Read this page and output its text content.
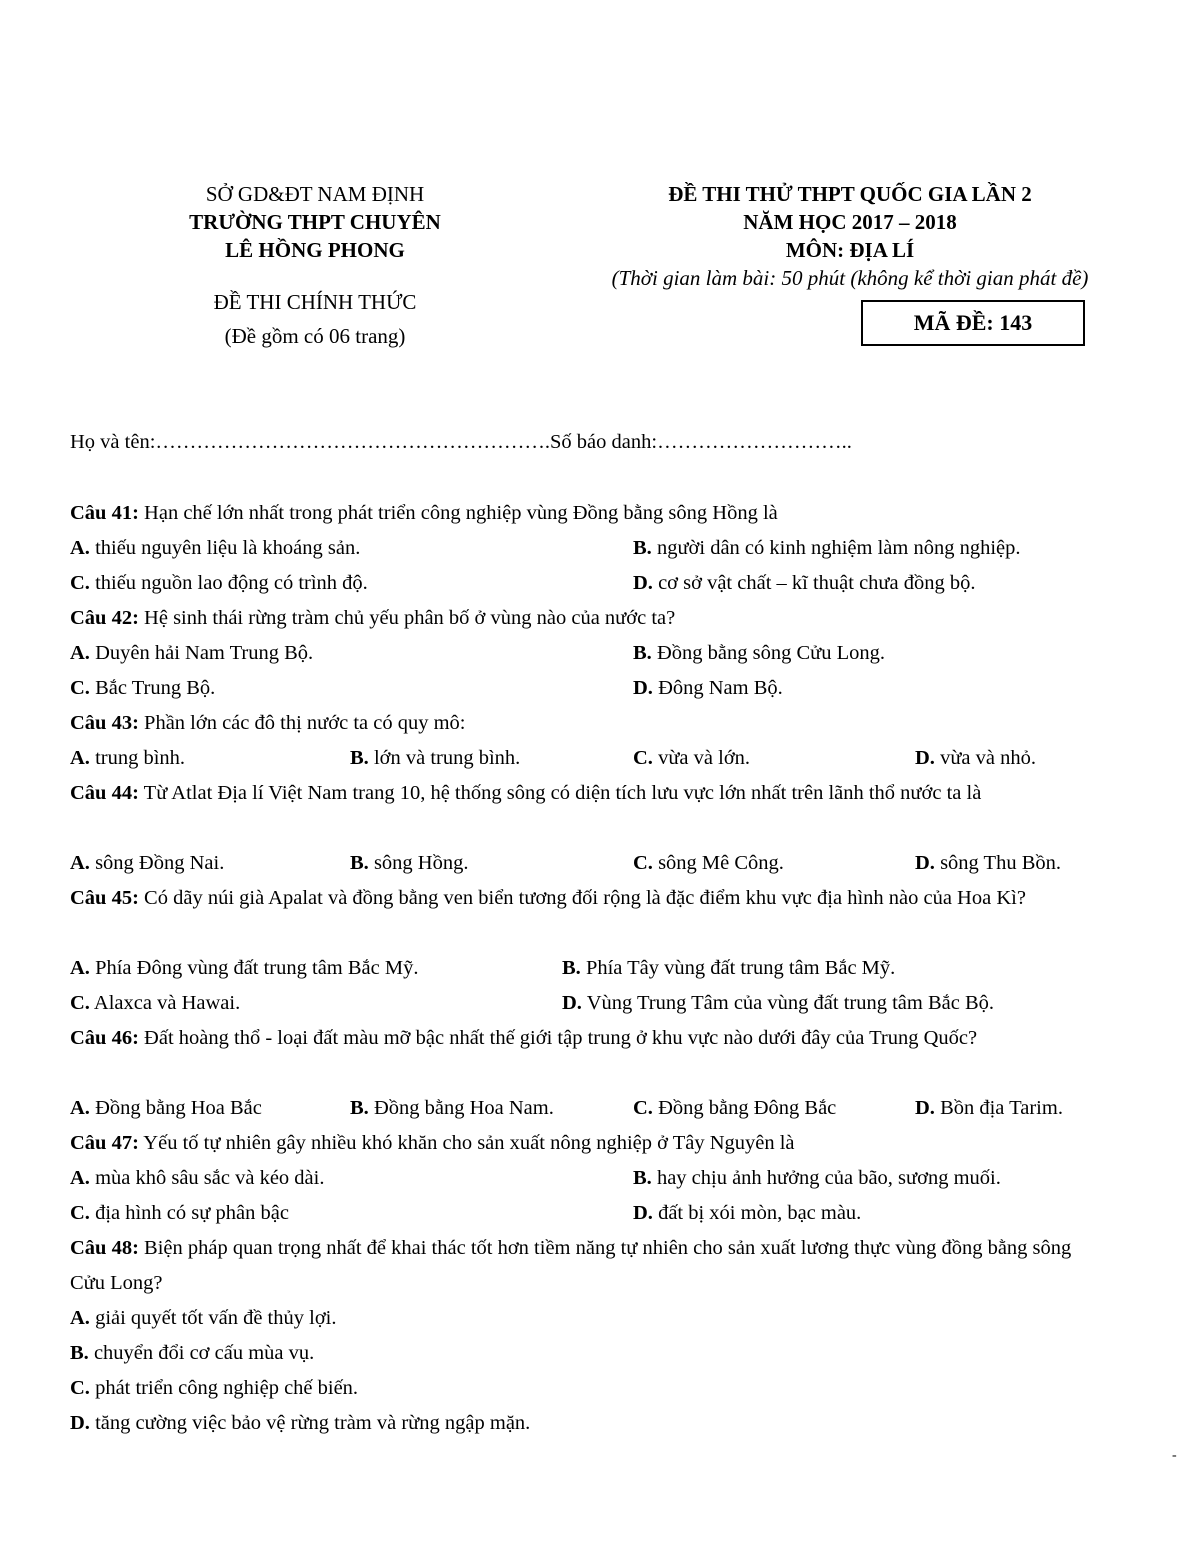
SỞ GD&ĐT NAM ĐỊNH
TRƯỜNG THPT CHUYÊN
LÊ HỒNG PHONG
ĐỀ THI CHÍNH THỨC
(Đề gồm có 06 trang)
ĐỀ THI THỬ THPT QUỐC GIA LẦN 2
NĂM HỌC 2017 – 2018
MÔN: ĐỊA LÍ
(Thời gian làm bài: 50 phút (không kể thời gian phát đề)
MÃ ĐỀ: 143
Họ và tên:………………………………………………….Số báo danh:………………………..
Câu 41: Hạn chế lớn nhất trong phát triển công nghiệp vùng Đồng bằng sông Hồng là
A. thiếu nguyên liệu là khoáng sản.	B. người dân có kinh nghiệm làm nông nghiệp.
C. thiếu nguồn lao động có trình độ.	D. cơ sở vật chất – kĩ thuật chưa đồng bộ.
Câu 42: Hệ sinh thái rừng tràm chủ yếu phân bố ở vùng nào của nước ta?
A. Duyên hải Nam Trung Bộ.	B. Đồng bằng sông Cửu Long.
C. Bắc Trung Bộ.	D. Đông Nam Bộ.
Câu 43: Phần lớn các đô thị nước ta có quy mô:
A. trung bình.	B. lớn và trung bình.	C. vừa và lớn.	D. vừa và nhỏ.
Câu 44: Từ Atlat Địa lí Việt Nam trang 10, hệ thống sông có diện tích lưu vực lớn nhất trên lãnh thổ nước ta là
A. sông Đồng Nai.	B. sông Hồng.	C. sông Mê Công.	D. sông Thu Bồn.
Câu 45: Có dãy núi già Apalat và đồng bằng ven biển tương đối rộng là đặc điểm khu vực địa hình nào của Hoa Kì?
A. Phía Đông vùng đất trung tâm Bắc Mỹ.	B. Phía Tây vùng đất trung tâm Bắc Mỹ.
C. Alaxca và Hawai.	D. Vùng Trung Tâm của vùng đất trung tâm Bắc Bộ.
Câu 46: Đất hoàng thổ - loại đất màu mỡ bậc nhất thế giới tập trung ở khu vực nào dưới đây của Trung Quốc?
A. Đồng bằng Hoa Bắc	B. Đồng bằng Hoa Nam.	C. Đồng bằng Đông Bắc	D. Bồn địa Tarim.
Câu 47: Yếu tố tự nhiên gây nhiều khó khăn cho sản xuất nông nghiệp ở Tây Nguyên là
A. mùa khô sâu sắc và kéo dài.	B. hay chịu ảnh hưởng của bão, sương muối.
C. địa hình có sự phân bậc	D. đất bị xói mòn, bạc màu.
Câu 48: Biện pháp quan trọng nhất để khai thác tốt hơn tiềm năng tự nhiên cho sản xuất lương thực vùng đồng bằng sông Cửu Long?
A. giải quyết tốt vấn đề thủy lợi.
B. chuyển đổi cơ cấu mùa vụ.
C. phát triển công nghiệp chế biến.
D. tăng cường việc bảo vệ rừng tràm và rừng ngập mặn.
-
